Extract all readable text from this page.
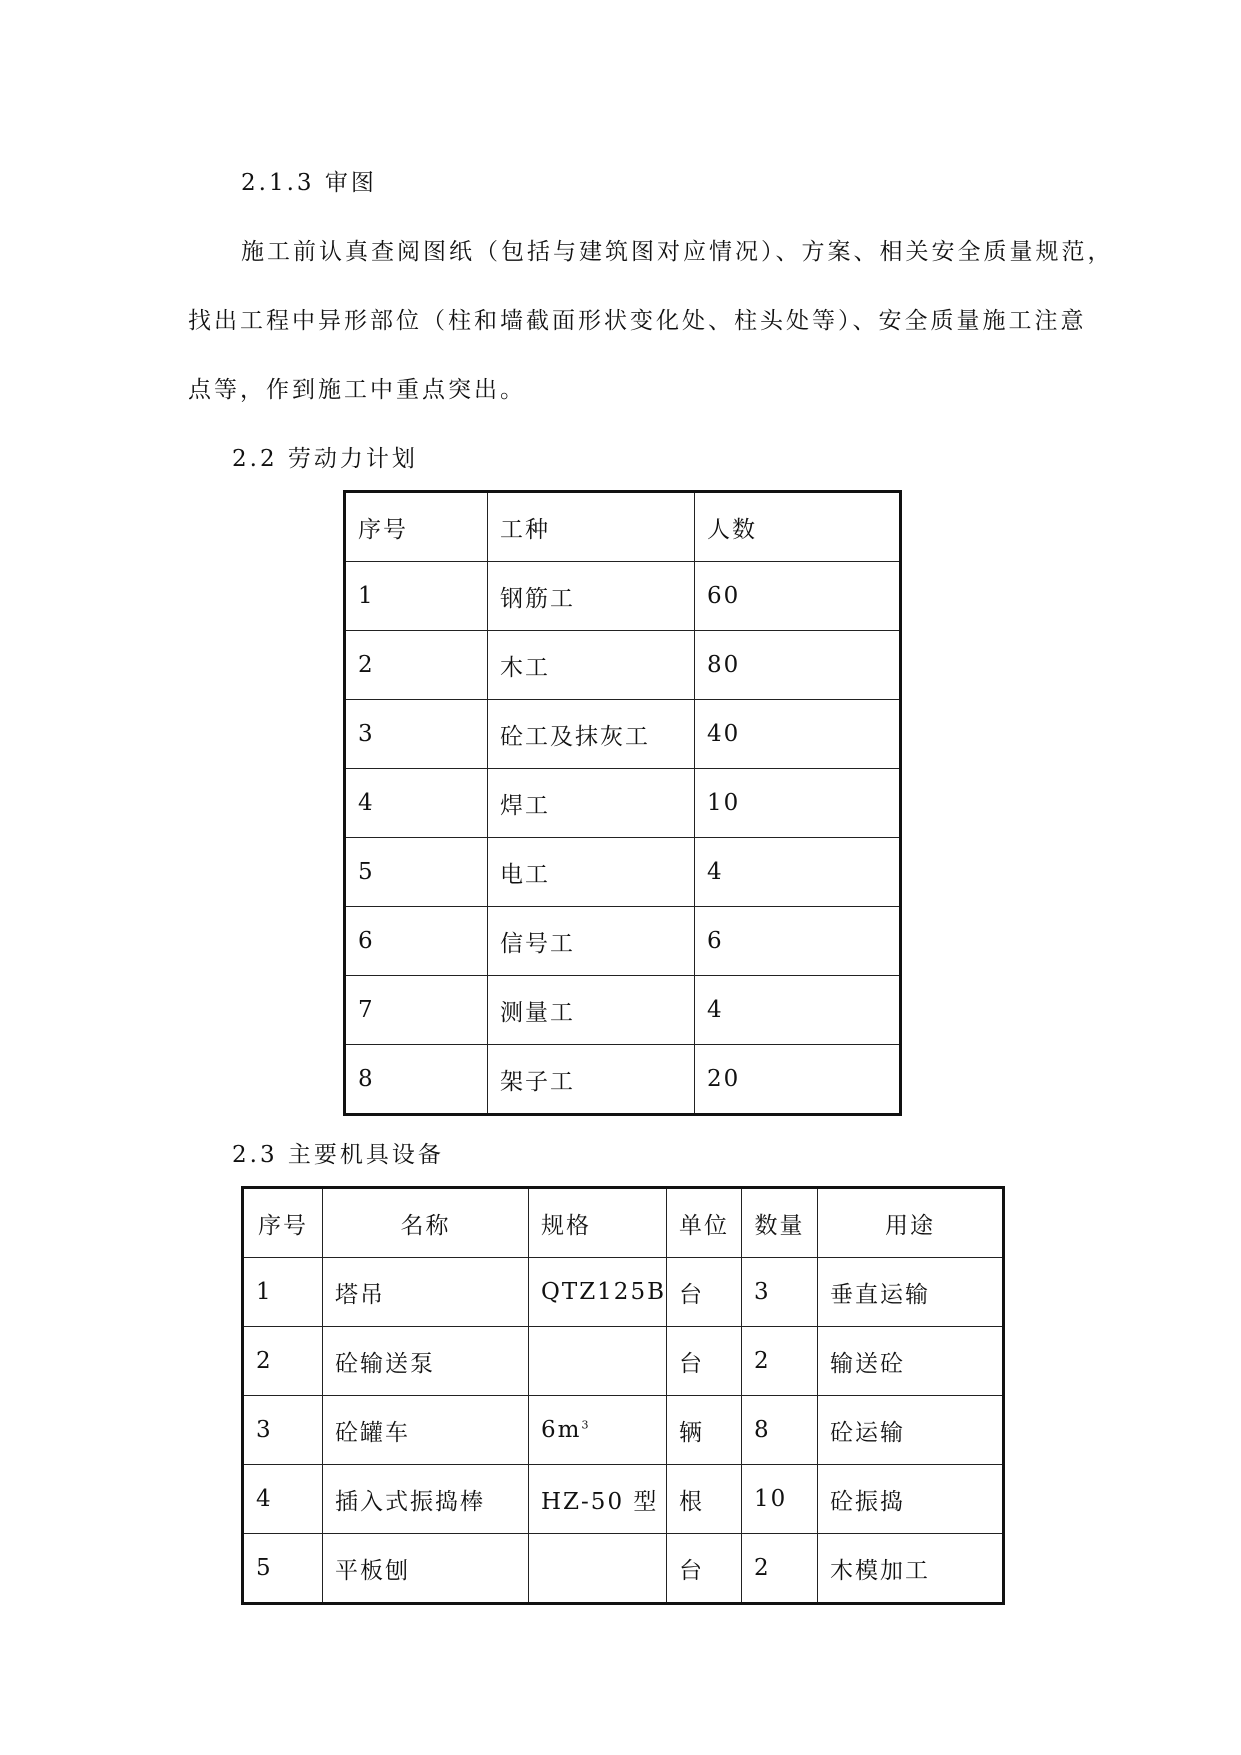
2.1.3 审图
施工前认真查阅图纸（包括与建筑图对应情况）、方案、相关安全质量规范，
找出工程中异形部位（柱和墙截面形状变化处、柱头处等）、安全质量施工注意
点等，作到施工中重点突出。
2.2 劳动力计划
序号	工种	人数
1	钢筋工	60
2	木工	80
3	砼工及抹灰工	40
4	焊工	10
5	电工	4
6	信号工	6
7	测量工	4
8	架子工	20
2.3 主要机具设备
序号	名称	规格	单位	数量	用途
1	塔吊	QTZ125B	台	3	垂直运输
2	砼输送泵		台	2	输送砼
3	砼罐车	$6m^3$	辆	8	砼运输
4	插入式振捣棒	HZ-50 型	根	10	砼振捣
5	平板刨		台	2	木模加工
